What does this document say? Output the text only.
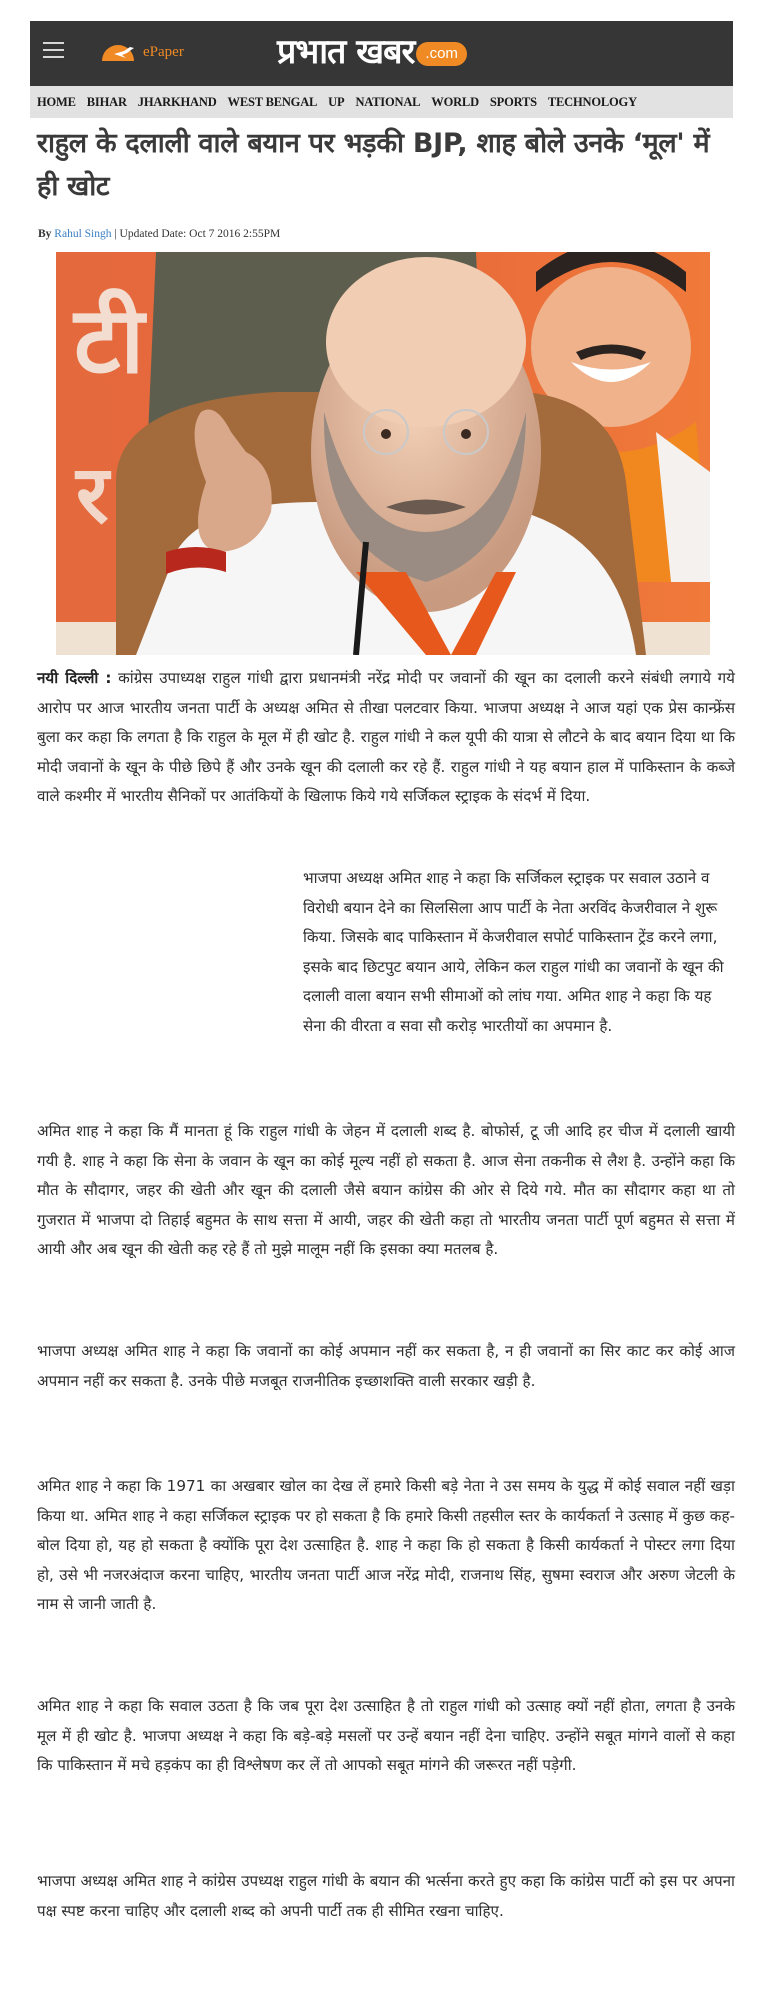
ePaper	प्रभात खबर .com
HOME BIHAR JHARKHAND WEST BENGAL UP NATIONAL WORLD SPORTS TECHNOLOGY
राहुल के दलाली वाले बयान पर भड़की BJP, शाह बोले उनके ‘मूल' में ही खोट
By Rahul Singh | Updated Date: Oct 7 2016 2:55PM
टी
र

नयी दिल्ली : कांग्रेस उपाध्यक्ष राहुल गांधी द्वारा प्रधानमंत्री नरेंद्र मोदी पर जवानों की खून का दलाली करने संबंधी लगाये गये आरोप पर आज भारतीय जनता पार्टी के अध्यक्ष अमित से तीखा पलटवार किया. भाजपा अध्यक्ष ने आज यहां एक प्रेस कान्फ्रेंस बुला कर कहा कि लगता है कि राहुल के मूल में ही खोट है. राहुल गांधी ने कल यूपी की यात्रा से लौटने के बाद बयान दिया था कि मोदी जवानों के खून के पीछे छिपे हैं और उनके खून की दलाली कर रहे हैं. राहुल गांधी ने यह बयान हाल में पाकिस्तान के कब्जे वाले कश्मीर में भारतीय सैनिकों पर आतंकियों के खिलाफ किये गये सर्जिकल स्ट्राइक के संदर्भ में दिया.

भाजपा अध्यक्ष अमित शाह ने कहा कि सर्जिकल स्ट्राइक पर सवाल उठाने व विरोधी बयान देने का सिलसिला आप पार्टी के नेता अरविंद केजरीवाल ने शुरू किया. जिसके बाद पाकिस्तान में केजरीवाल सपोर्ट पाकिस्तान ट्रेंड करने लगा, इसके बाद छिटपुट बयान आये, लेकिन कल राहुल गांधी का जवानों के खून की दलाली वाला बयान सभी सीमाओं को लांघ गया. अमित शाह ने कहा कि यह सेना की वीरता व सवा सौ करोड़ भारतीयों का अपमान है.

अमित शाह ने कहा कि मैं मानता हूं कि राहुल गांधी के जेहन में दलाली शब्द है. बोफोर्स, टू जी आदि हर चीज में दलाली खायी गयी है. शाह ने कहा कि सेना के जवान के खून का कोई मूल्य नहीं हो सकता है. आज सेना तकनीक से लैश है. उन्होंने कहा कि मौत के सौदागर, जहर की खेती और खून की दलाली जैसे बयान कांग्रेस की ओर से दिये गये. मौत का सौदागर कहा था तो गुजरात में भाजपा दो तिहाई बहुमत के साथ सत्ता में आयी, जहर की खेती कहा तो भारतीय जनता पार्टी पूर्ण बहुमत से सत्ता में आयी और अब खून की खेती कह रहे हैं तो मुझे मालूम नहीं कि इसका क्या मतलब है.

भाजपा अध्यक्ष अमित शाह ने कहा कि जवानों का कोई अपमान नहीं कर सकता है, न ही जवानों का सिर काट कर कोई आज अपमान नहीं कर सकता है. उनके पीछे मजबूत राजनीतिक इच्छाशक्ति वाली सरकार खड़ी है.

अमित शाह ने कहा कि 1971 का अखबार खोल का देख लें हमारे किसी बड़े नेता ने उस समय के युद्ध में कोई सवाल नहीं खड़ा किया था. अमित शाह ने कहा सर्जिकल स्ट्राइक पर हो सकता है कि हमारे किसी तहसील स्तर के कार्यकर्ता ने उत्साह में कुछ कह-बोल दिया हो, यह हो सकता है क्योंकि पूरा देश उत्साहित है. शाह ने कहा कि हो सकता है किसी कार्यकर्ता ने पोस्टर लगा दिया हो, उसे भी नजरअंदाज करना चाहिए, भारतीय जनता पार्टी आज नरेंद्र मोदी, राजनाथ सिंह, सुषमा स्वराज और अरुण जेटली के नाम से जानी जाती है.

अमित शाह ने कहा कि सवाल उठता है कि जब पूरा देश उत्साहित है तो राहुल गांधी को उत्साह क्यों नहीं होता, लगता है उनके मूल में ही खोट है. भाजपा अध्यक्ष ने कहा कि बड़े-बड़े मसलों पर उन्हें बयान नहीं देना चाहिए. उन्होंने सबूत मांगने वालों से कहा कि पाकिस्तान में मचे हड़कंप का ही विश्लेषण कर लें तो आपको सबूत मांगने की जरूरत नहीं पड़ेगी.

भाजपा अध्यक्ष अमित शाह ने कांग्रेस उपध्यक्ष राहुल गांधी के बयान की भर्त्सना करते हुए कहा कि कांग्रेस पार्टी को इस पर अपना पक्ष स्पष्ट करना चाहिए और दलाली शब्द को अपनी पार्टी तक ही सीमित रखना चाहिए.
